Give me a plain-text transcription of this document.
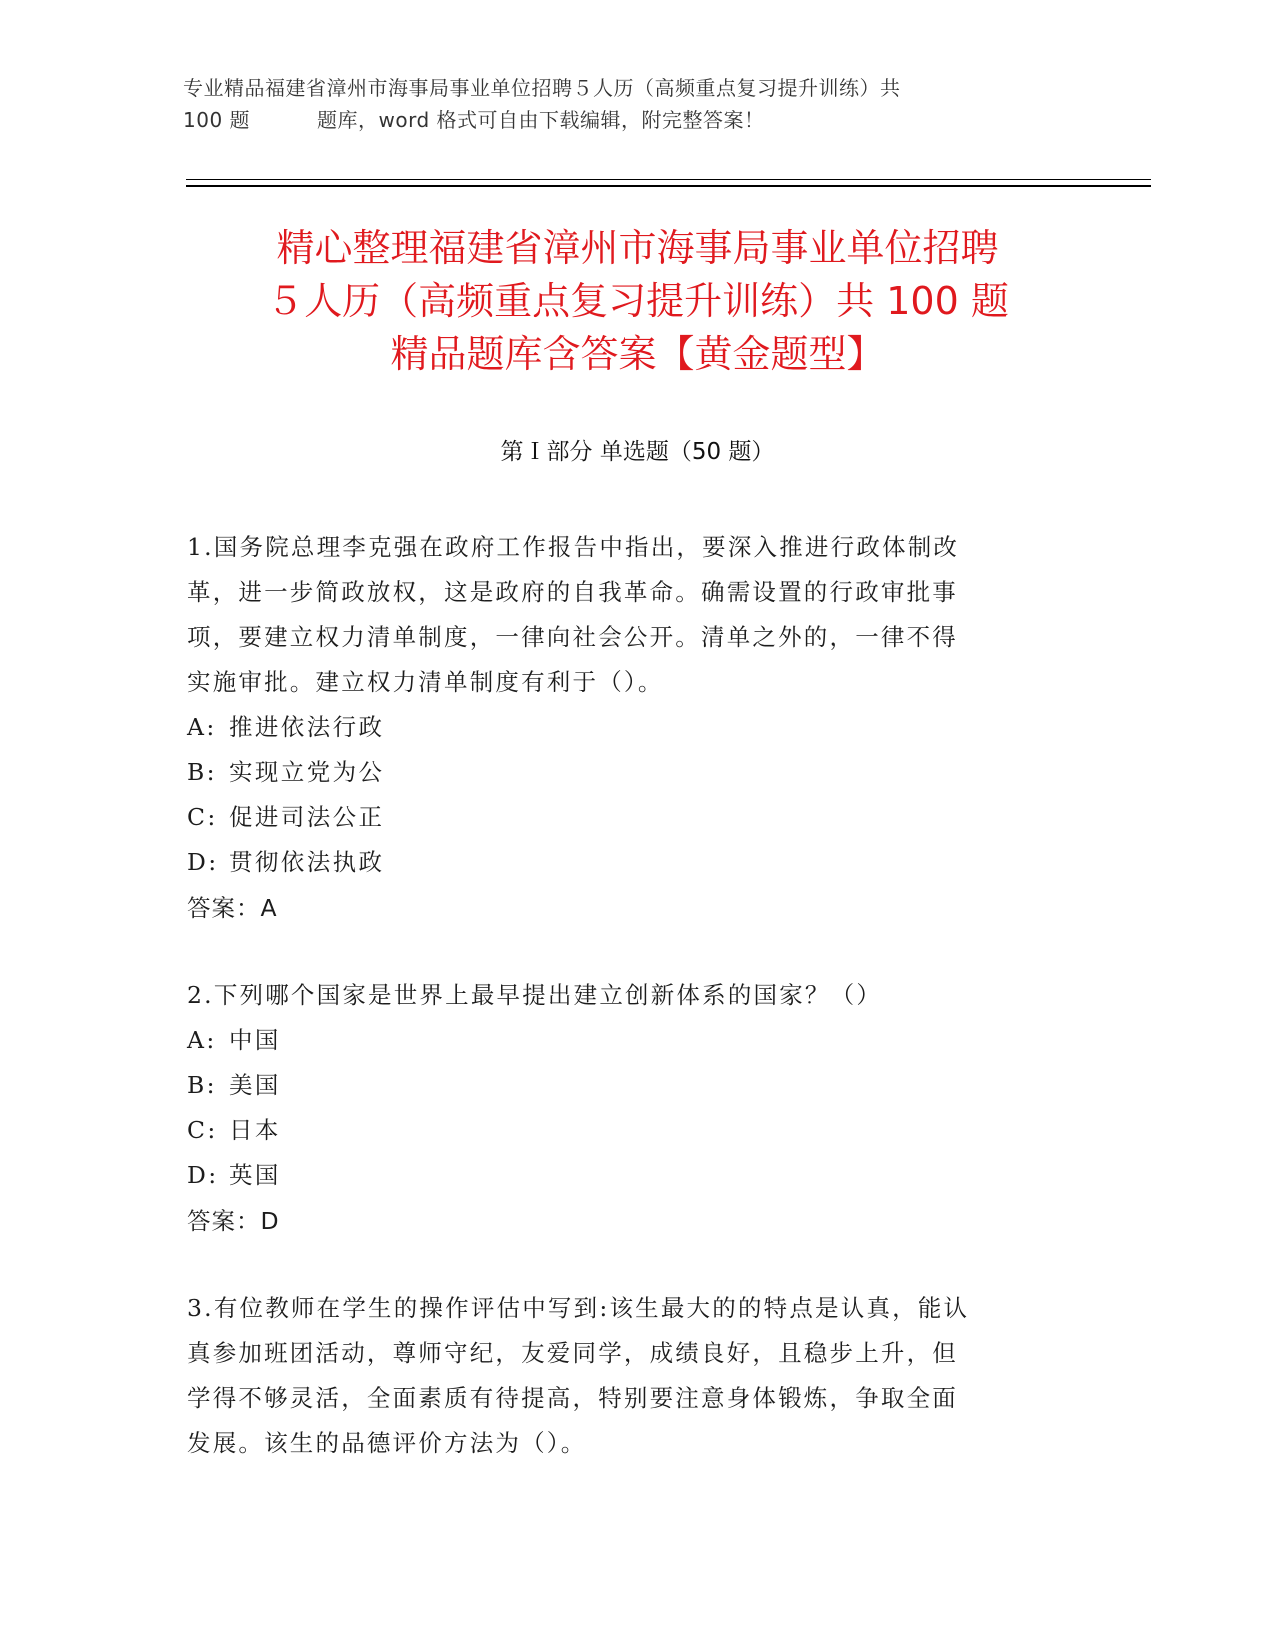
专业精品福建省漳州市海事局事业单位招聘５人历（高频重点复习提升训练）共
100 题	题库，word 格式可自由下载编辑，附完整答案！
精心整理福建省漳州市海事局事业单位招聘
５人历（高频重点复习提升训练）共 100 题
精品题库含答案【黄金题型】
第Ｉ部分 单选题（50 题）
1.国务院总理李克强在政府工作报告中指出，要深入推进行政体制改
革，进一步简政放权，这是政府的自我革命。确需设置的行政审批事
项，要建立权力清单制度，一律向社会公开。清单之外的，一律不得
实施审批。建立权力清单制度有利于（）。
A: 推进依法行政
B: 实现立党为公
C: 促进司法公正
D: 贯彻依法执政
答案：A
2.下列哪个国家是世界上最早提出建立创新体系的国家？（）
A: 中国
B: 美国
C: 日本
D: 英国
答案：D
3.有位教师在学生的操作评估中写到:该生最大的的特点是认真，能认
真参加班团活动，尊师守纪，友爱同学，成绩良好，且稳步上升，但
学得不够灵活，全面素质有待提高，特别要注意身体锻炼，争取全面
发展。该生的品德评价方法为（）。
